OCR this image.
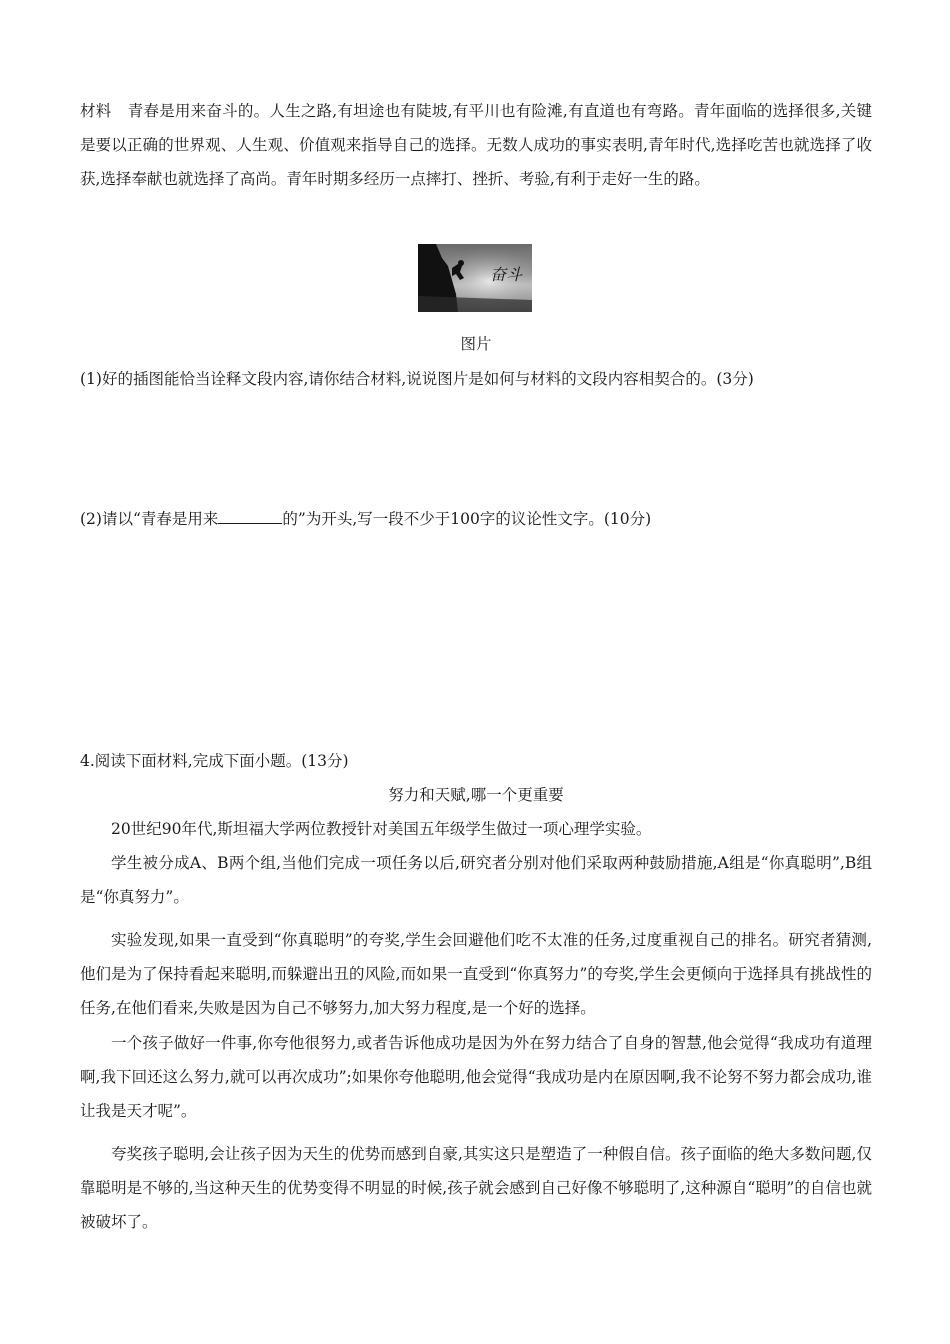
材料 青春是用来奋斗的。人生之路,有坦途也有陡坡,有平川也有险滩,有直道也有弯路。青年面临的选择很多,关键是要以正确的世界观、人生观、价值观来指导自己的选择。无数人成功的事实表明,青年时代,选择吃苦也就选择了收获,选择奉献也就选择了高尚。青年时期多经历一点摔打、挫折、考验,有利于走好一生的路。
奋斗
图片
(1)好的插图能恰当诠释文段内容,请你结合材料,说说图片是如何与材料的文段内容相契合的。(3分)
(2)请以“青春是用来	的”为开头,写一段不少于100字的议论性文字。(10分)
4.阅读下面材料,完成下面小题。(13分)
努力和天赋,哪一个更重要
20世纪90年代,斯坦福大学两位教授针对美国五年级学生做过一项心理学实验。
学生被分成A、B两个组,当他们完成一项任务以后,研究者分别对他们采取两种鼓励措施,A组是“你真聪明”,B组是“你真努力”。
实验发现,如果一直受到“你真聪明”的夸奖,学生会回避他们吃不太准的任务,过度重视自己的排名。研究者猜测,他们是为了保持看起来聪明,而躲避出丑的风险,而如果一直受到“你真努力”的夸奖,学生会更倾向于选择具有挑战性的任务,在他们看来,失败是因为自己不够努力,加大努力程度,是一个好的选择。
一个孩子做好一件事,你夸他很努力,或者告诉他成功是因为外在努力结合了自身的智慧,他会觉得“我成功有道理啊,我下回还这么努力,就可以再次成功”;如果你夸他聪明,他会觉得“我成功是内在原因啊,我不论努不努力都会成功,谁让我是天才呢”。
夸奖孩子聪明,会让孩子因为天生的优势而感到自豪,其实这只是塑造了一种假自信。孩子面临的绝大多数问题,仅靠聪明是不够的,当这种天生的优势变得不明显的时候,孩子就会感到自己好像不够聪明了,这种源自“聪明”的自信也就被破坏了。
